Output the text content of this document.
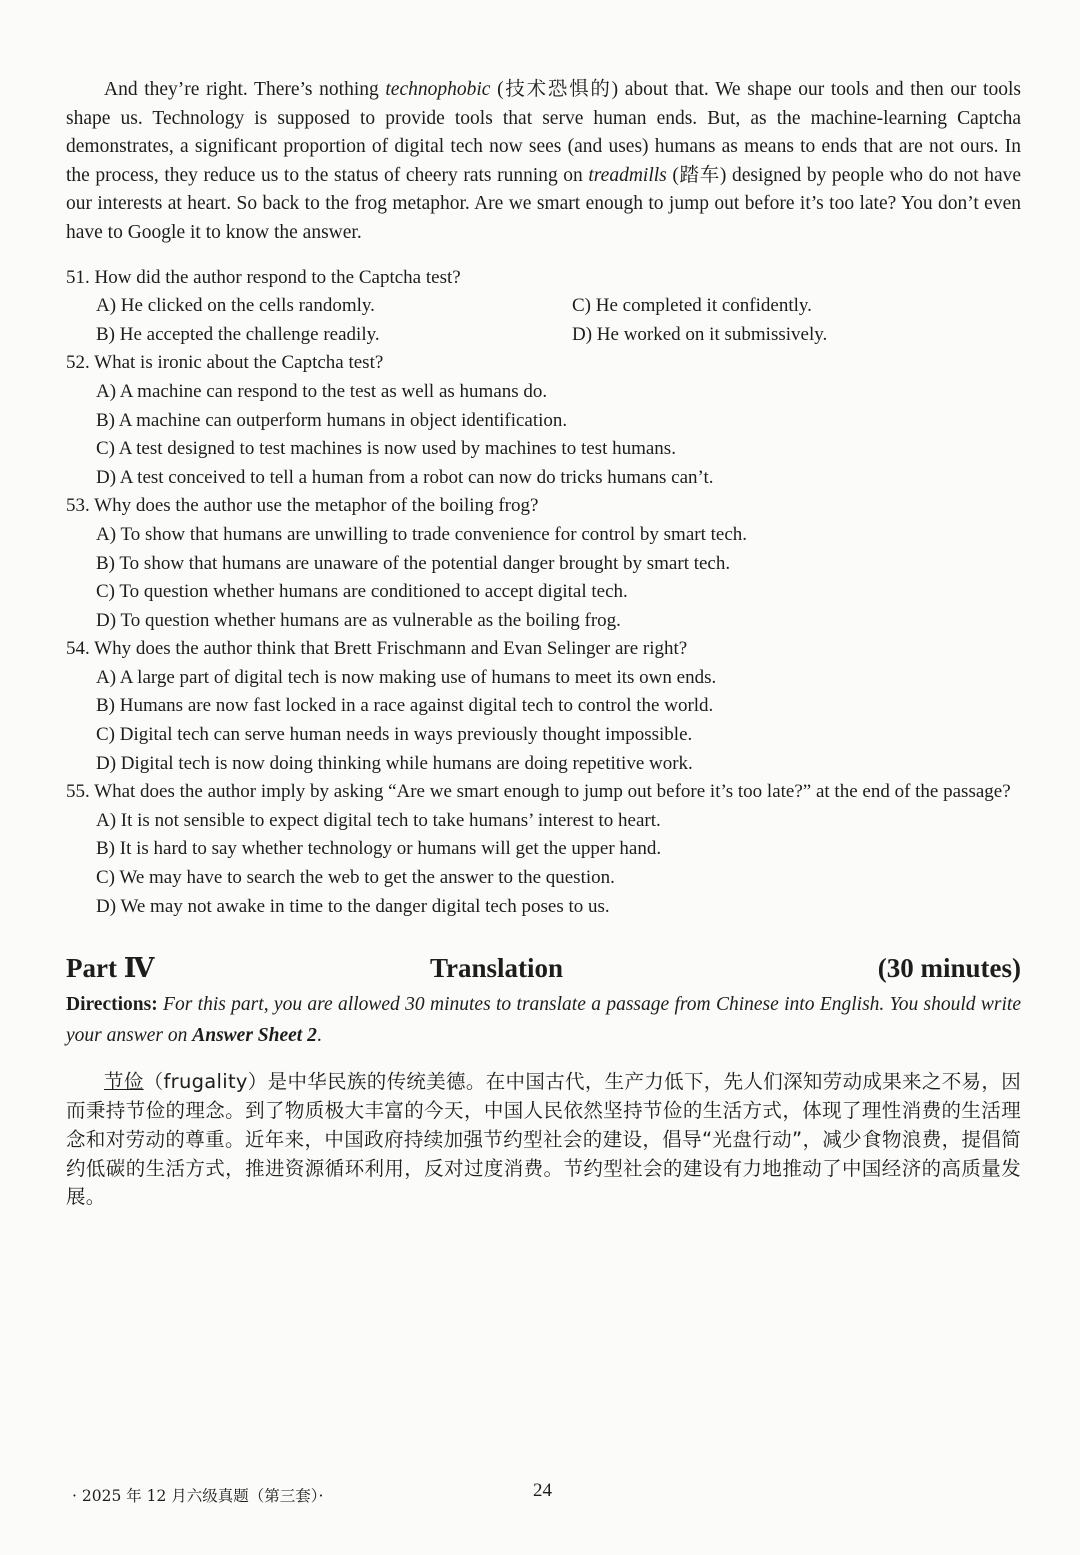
And they’re right. There’s nothing technophobic (技术恐惧的) about that. We shape our tools and then our tools shape us. Technology is supposed to provide tools that serve human ends. But, as the machine-learning Captcha demonstrates, a significant proportion of digital tech now sees (and uses) humans as means to ends that are not ours. In the process, they reduce us to the status of cheery rats running on treadmills (踏车) designed by people who do not have our interests at heart. So back to the frog metaphor. Are we smart enough to jump out before it’s too late? You don’t even have to Google it to know the answer.

51. How did the author respond to the Captcha test?
A) He clicked on the cells randomly.	C) He completed it confidently.
B) He accepted the challenge readily.	D) He worked on it submissively.
52. What is ironic about the Captcha test?
A) A machine can respond to the test as well as humans do.
B) A machine can outperform humans in object identification.
C) A test designed to test machines is now used by machines to test humans.
D) A test conceived to tell a human from a robot can now do tricks humans can’t.
53. Why does the author use the metaphor of the boiling frog?
A) To show that humans are unwilling to trade convenience for control by smart tech.
B) To show that humans are unaware of the potential danger brought by smart tech.
C) To question whether humans are conditioned to accept digital tech.
D) To question whether humans are as vulnerable as the boiling frog.
54. Why does the author think that Brett Frischmann and Evan Selinger are right?
A) A large part of digital tech is now making use of humans to meet its own ends.
B) Humans are now fast locked in a race against digital tech to control the world.
C) Digital tech can serve human needs in ways previously thought impossible.
D) Digital tech is now doing thinking while humans are doing repetitive work.
55. What does the author imply by asking “Are we smart enough to jump out before it’s too late?” at the end of the passage?
A) It is not sensible to expect digital tech to take humans’ interest to heart.
B) It is hard to say whether technology or humans will get the upper hand.
C) We may have to search the web to get the answer to the question.
D) We may not awake in time to the danger digital tech poses to us.
Part Ⅳ	Translation	(30 minutes)
Directions: For this part, you are allowed 30 minutes to translate a passage from Chinese into English. You should write your answer on Answer Sheet 2.
节俭（frugality）是中华民族的传统美德。在中国古代，生产力低下，先人们深知劳动成果来之不易，因而秉持节俭的理念。到了物质极大丰富的今天，中国人民依然坚持节俭的生活方式，体现了理性消费的生活理念和对劳动的尊重。近年来，中国政府持续加强节约型社会的建设，倡导“光盘行动”，减少食物浪费，提倡简约低碳的生活方式，推进资源循环利用，反对过度消费。节约型社会的建设有力地推动了中国经济的高质量发展。
· 2025 年 12 月六级真题（第三套）·	24
